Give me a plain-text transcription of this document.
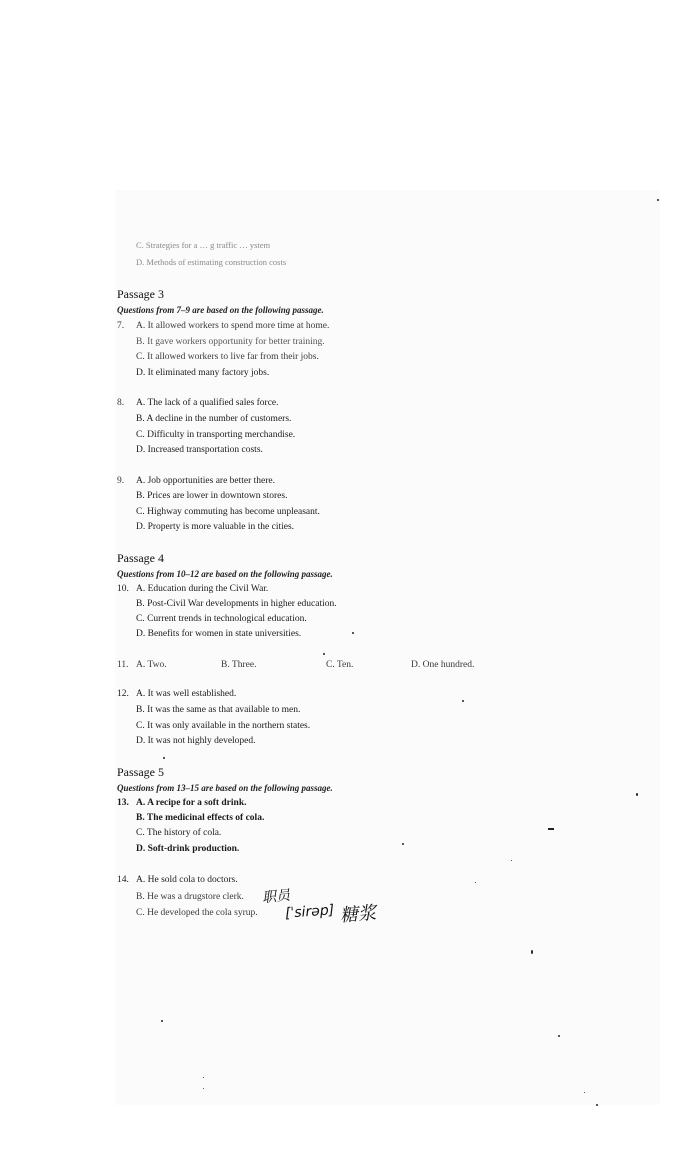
C. Strategies for a … g traffic … ystem
D. Methods of estimating construction costs
Passage 3
Questions from 7–9 are based on the following passage.
7. A. It allowed workers to spend more time at home.
B. It gave workers opportunity for better training.
C. It allowed workers to live far from their jobs.
D. It eliminated many factory jobs.
8. A. The lack of a qualified sales force.
B. A decline in the number of customers.
C. Difficulty in transporting merchandise.
D. Increased transportation costs.
9. A. Job opportunities are better there.
B. Prices are lower in downtown stores.
C. Highway commuting has become unpleasant.
D. Property is more valuable in the cities.
Passage 4
Questions from 10–12 are based on the following passage.
10. A. Education during the Civil War.
B. Post-Civil War developments in higher education.
C. Current trends in technological education.
D. Benefits for women in state universities.
11. A. Two.	B. Three.	C. Ten.	D. One hundred.
12. A. It was well established.
B. It was the same as that available to men.
C. It was only available in the northern states.
D. It was not highly developed.
Passage 5
Questions from 13–15 are based on the following passage.
13. A. A recipe for a soft drink.
B. The medicinal effects of cola.
C. The history of cola.
D. Soft-drink production.
14. A. He sold cola to doctors.
B. He was a drugstore clerk.
C. He developed the cola syrup.
职员
[ˈsirəp] 糖浆
